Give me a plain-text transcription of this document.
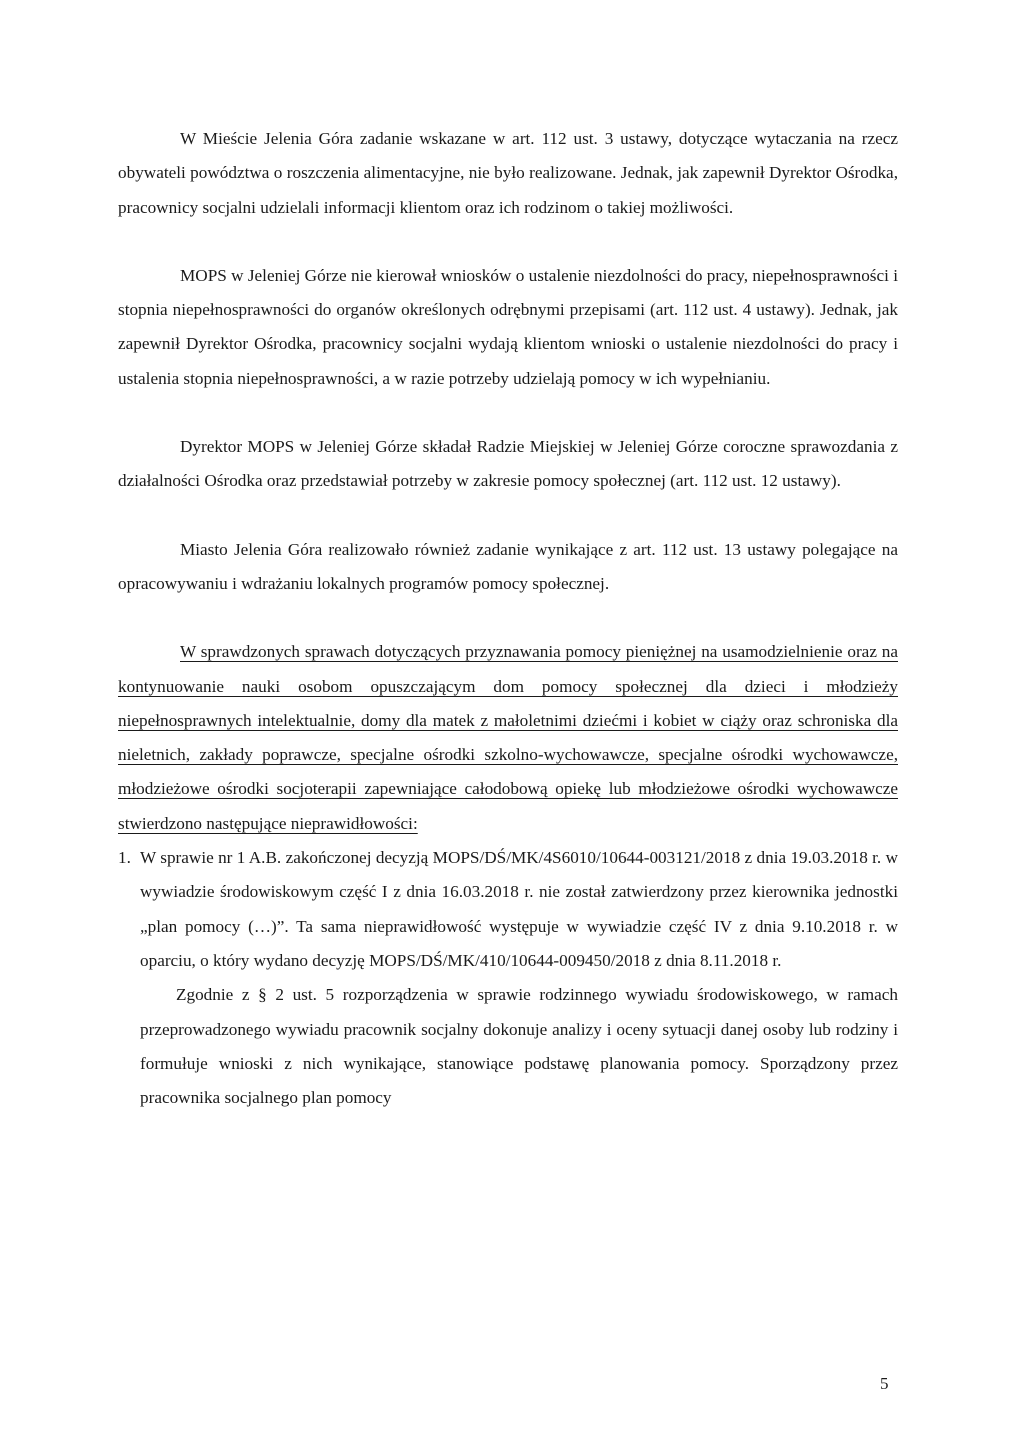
W Mieście Jelenia Góra zadanie wskazane w art. 112 ust. 3 ustawy, dotyczące wytaczania na rzecz obywateli powództwa o roszczenia alimentacyjne, nie było realizowane. Jednak, jak zapewnił Dyrektor Ośrodka, pracownicy socjalni udzielali informacji klientom oraz ich rodzinom o takiej możliwości.

MOPS w Jeleniej Górze nie kierował wniosków o ustalenie niezdolności do pracy, niepełnosprawności i stopnia niepełnosprawności do organów określonych odrębnymi przepisami (art. 112 ust. 4 ustawy). Jednak, jak zapewnił Dyrektor Ośrodka, pracownicy socjalni wydają klientom wnioski o ustalenie niezdolności do pracy i ustalenia stopnia niepełnosprawności, a w razie potrzeby udzielają pomocy w ich wypełnianiu.

Dyrektor MOPS w Jeleniej Górze składał Radzie Miejskiej w Jeleniej Górze coroczne sprawozdania z działalności Ośrodka oraz przedstawiał potrzeby w zakresie pomocy społecznej (art. 112 ust. 12 ustawy).

Miasto Jelenia Góra realizowało również zadanie wynikające z art. 112 ust. 13 ustawy polegające na opracowywaniu i wdrażaniu lokalnych programów pomocy społecznej.

W sprawdzonych sprawach dotyczących przyznawania pomocy pieniężnej na usamodzielnienie oraz na kontynuowanie nauki osobom opuszczającym dom pomocy społecznej dla dzieci i młodzieży niepełnosprawnych intelektualnie, domy dla matek z małoletnimi dziećmi i kobiet w ciąży oraz schroniska dla nieletnich, zakłady poprawcze, specjalne ośrodki szkolno-wychowawcze, specjalne ośrodki wychowawcze, młodzieżowe ośrodki socjoterapii zapewniające całodobową opiekę lub młodzieżowe ośrodki wychowawcze stwierdzono następujące nieprawidłowości:

1. W sprawie nr 1 A.B. zakończonej decyzją MOPS/DŚ/MK/4S6010/10644-003121/2018 z dnia 19.03.2018 r. w wywiadzie środowiskowym część I z dnia 16.03.2018 r. nie został zatwierdzony przez kierownika jednostki „plan pomocy (…)”. Ta sama nieprawidłowość występuje w wywiadzie część IV z dnia 9.10.2018 r. w oparciu, o który wydano decyzję MOPS/DŚ/MK/410/10644-009450/2018 z dnia 8.11.2018 r.

Zgodnie z § 2 ust. 5 rozporządzenia w sprawie rodzinnego wywiadu środowiskowego, w ramach przeprowadzonego wywiadu pracownik socjalny dokonuje analizy i oceny sytuacji danej osoby lub rodziny i formułuje wnioski z nich wynikające, stanowiące podstawę planowania pomocy. Sporządzony przez pracownika socjalnego plan pomocy

5
